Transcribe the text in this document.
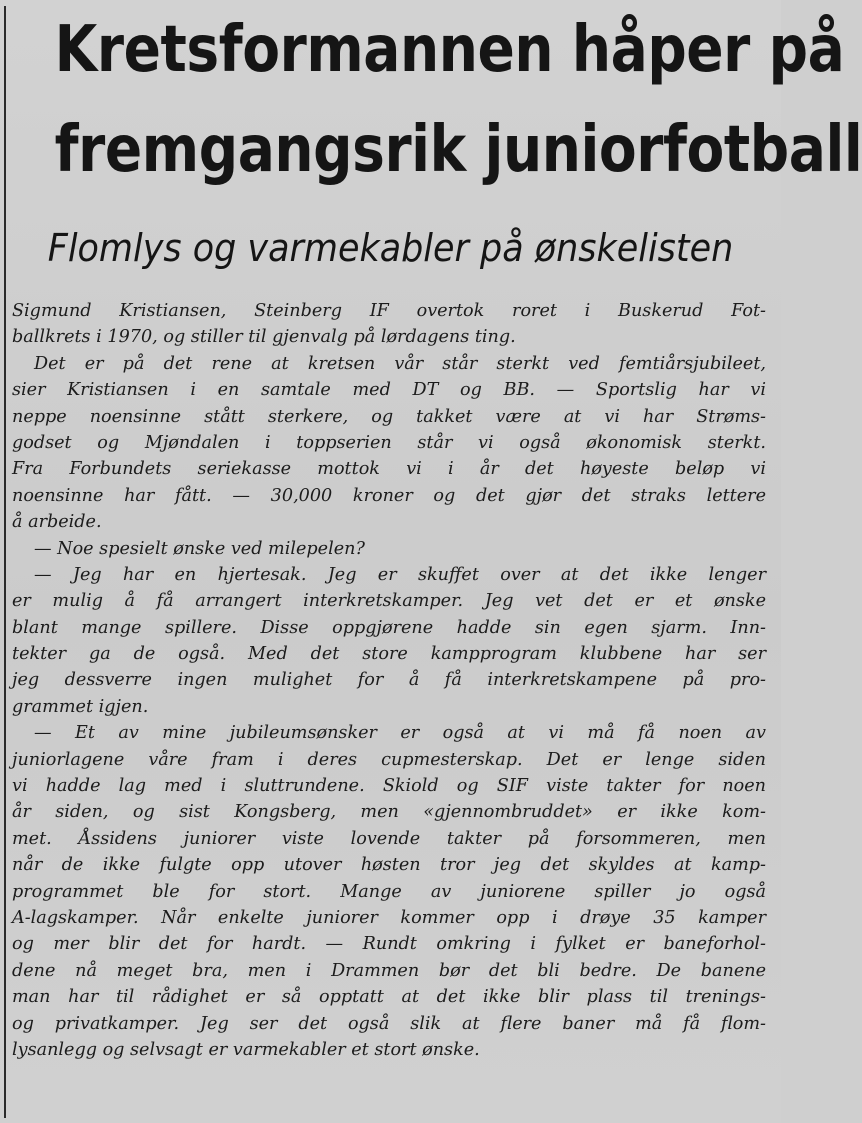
Kretsformannen håper på
fremgangsrik juniorfotball
Flomlys og varmekabler på ønskelisten
Sigmund Kristiansen, Steinberg IF overtok roret i Buskerud Fot-
ballkrets i 1970, og stiller til gjenvalg på lørdagens ting.
Det er på det rene at kretsen vår står sterkt ved femtiårsjubileet,
sier Kristiansen i en samtale med DT og BB. — Sportslig har vi
neppe noensinne stått sterkere, og takket være at vi har Strøms-
godset og Mjøndalen i toppserien står vi også økonomisk sterkt.
Fra Forbundets seriekasse mottok vi i år det høyeste beløp vi
noensinne har fått. — 30,000 kroner og det gjør det straks lettere
å arbeide.
— Noe spesielt ønske ved milepelen?
— Jeg har en hjertesak. Jeg er skuffet over at det ikke lenger
er mulig å få arrangert interkretskamper. Jeg vet det er et ønske
blant mange spillere. Disse oppgjørene hadde sin egen sjarm. Inn-
tekter ga de også. Med det store kampprogram klubbene har ser
jeg dessverre ingen mulighet for å få interkretskampene på pro-
grammet igjen.
— Et av mine jubileumsønsker er også at vi må få noen av
juniorlagene våre fram i deres cupmesterskap. Det er lenge siden
vi hadde lag med i sluttrundene. Skiold og SIF viste takter for noen
år siden, og sist Kongsberg, men «gjennombruddet» er ikke kom-
met. Åssidens juniorer viste lovende takter på forsommeren, men
når de ikke fulgte opp utover høsten tror jeg det skyldes at kamp-
programmet ble for stort. Mange av juniorene spiller jo også
A-lagskamper. Når enkelte juniorer kommer opp i drøye 35 kamper
og mer blir det for hardt. — Rundt omkring i fylket er baneforhol-
dene nå meget bra, men i Drammen bør det bli bedre. De banene
man har til rådighet er så opptatt at det ikke blir plass til trenings-
og privatkamper. Jeg ser det også slik at flere baner må få flom-
lysanlegg og selvsagt er varmekabler et stort ønske.
